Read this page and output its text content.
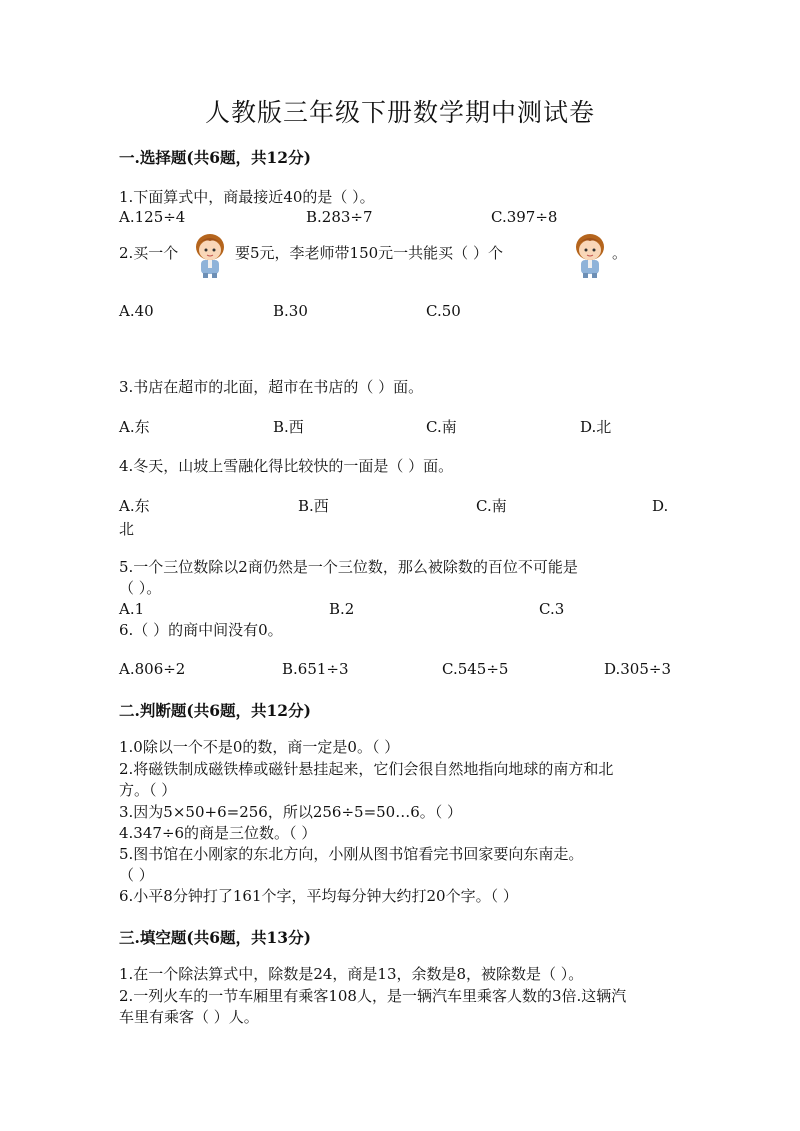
人教版三年级下册数学期中测试卷
一.选择题(共6题，共12分)
1.下面算式中，商最接近40的是（ ）。
A.125÷4	B.283÷7	C.397÷8
2.买一个	要5元，李老师带150元一共能买（ ）个	。
A.40	B.30	C.50
3.书店在超市的北面，超市在书店的（ ）面。
A.东	B.西	C.南	D.北
4.冬天，山坡上雪融化得比较快的一面是（ ）面。
A.东	B.西	C.南	D.
北
5.一个三位数除以2商仍然是一个三位数，那么被除数的百位不可能是
（ ）。
A.1	B.2	C.3
6.（ ）的商中间没有0。
A.806÷2	B.651÷3	C.545÷5	D.305÷3
二.判断题(共6题，共12分)
1.0除以一个不是0的数，商一定是0。（ ）
2.将磁铁制成磁铁棒或磁针悬挂起来，它们会很自然地指向地球的南方和北
方。（ ）
3.因为5×50+6=256，所以256÷5=50…6。（ ）
4.347÷6的商是三位数。（ ）
5.图书馆在小刚家的东北方向，小刚从图书馆看完书回家要向东南走。
（ ）
6.小平8分钟打了161个字，平均每分钟大约打20个字。（ ）
三.填空题(共6题，共13分)
1.在一个除法算式中，除数是24，商是13，余数是8，被除数是（ ）。
2.一列火车的一节车厢里有乘客108人，是一辆汽车里乘客人数的3倍.这辆汽
车里有乘客（ ）人。
